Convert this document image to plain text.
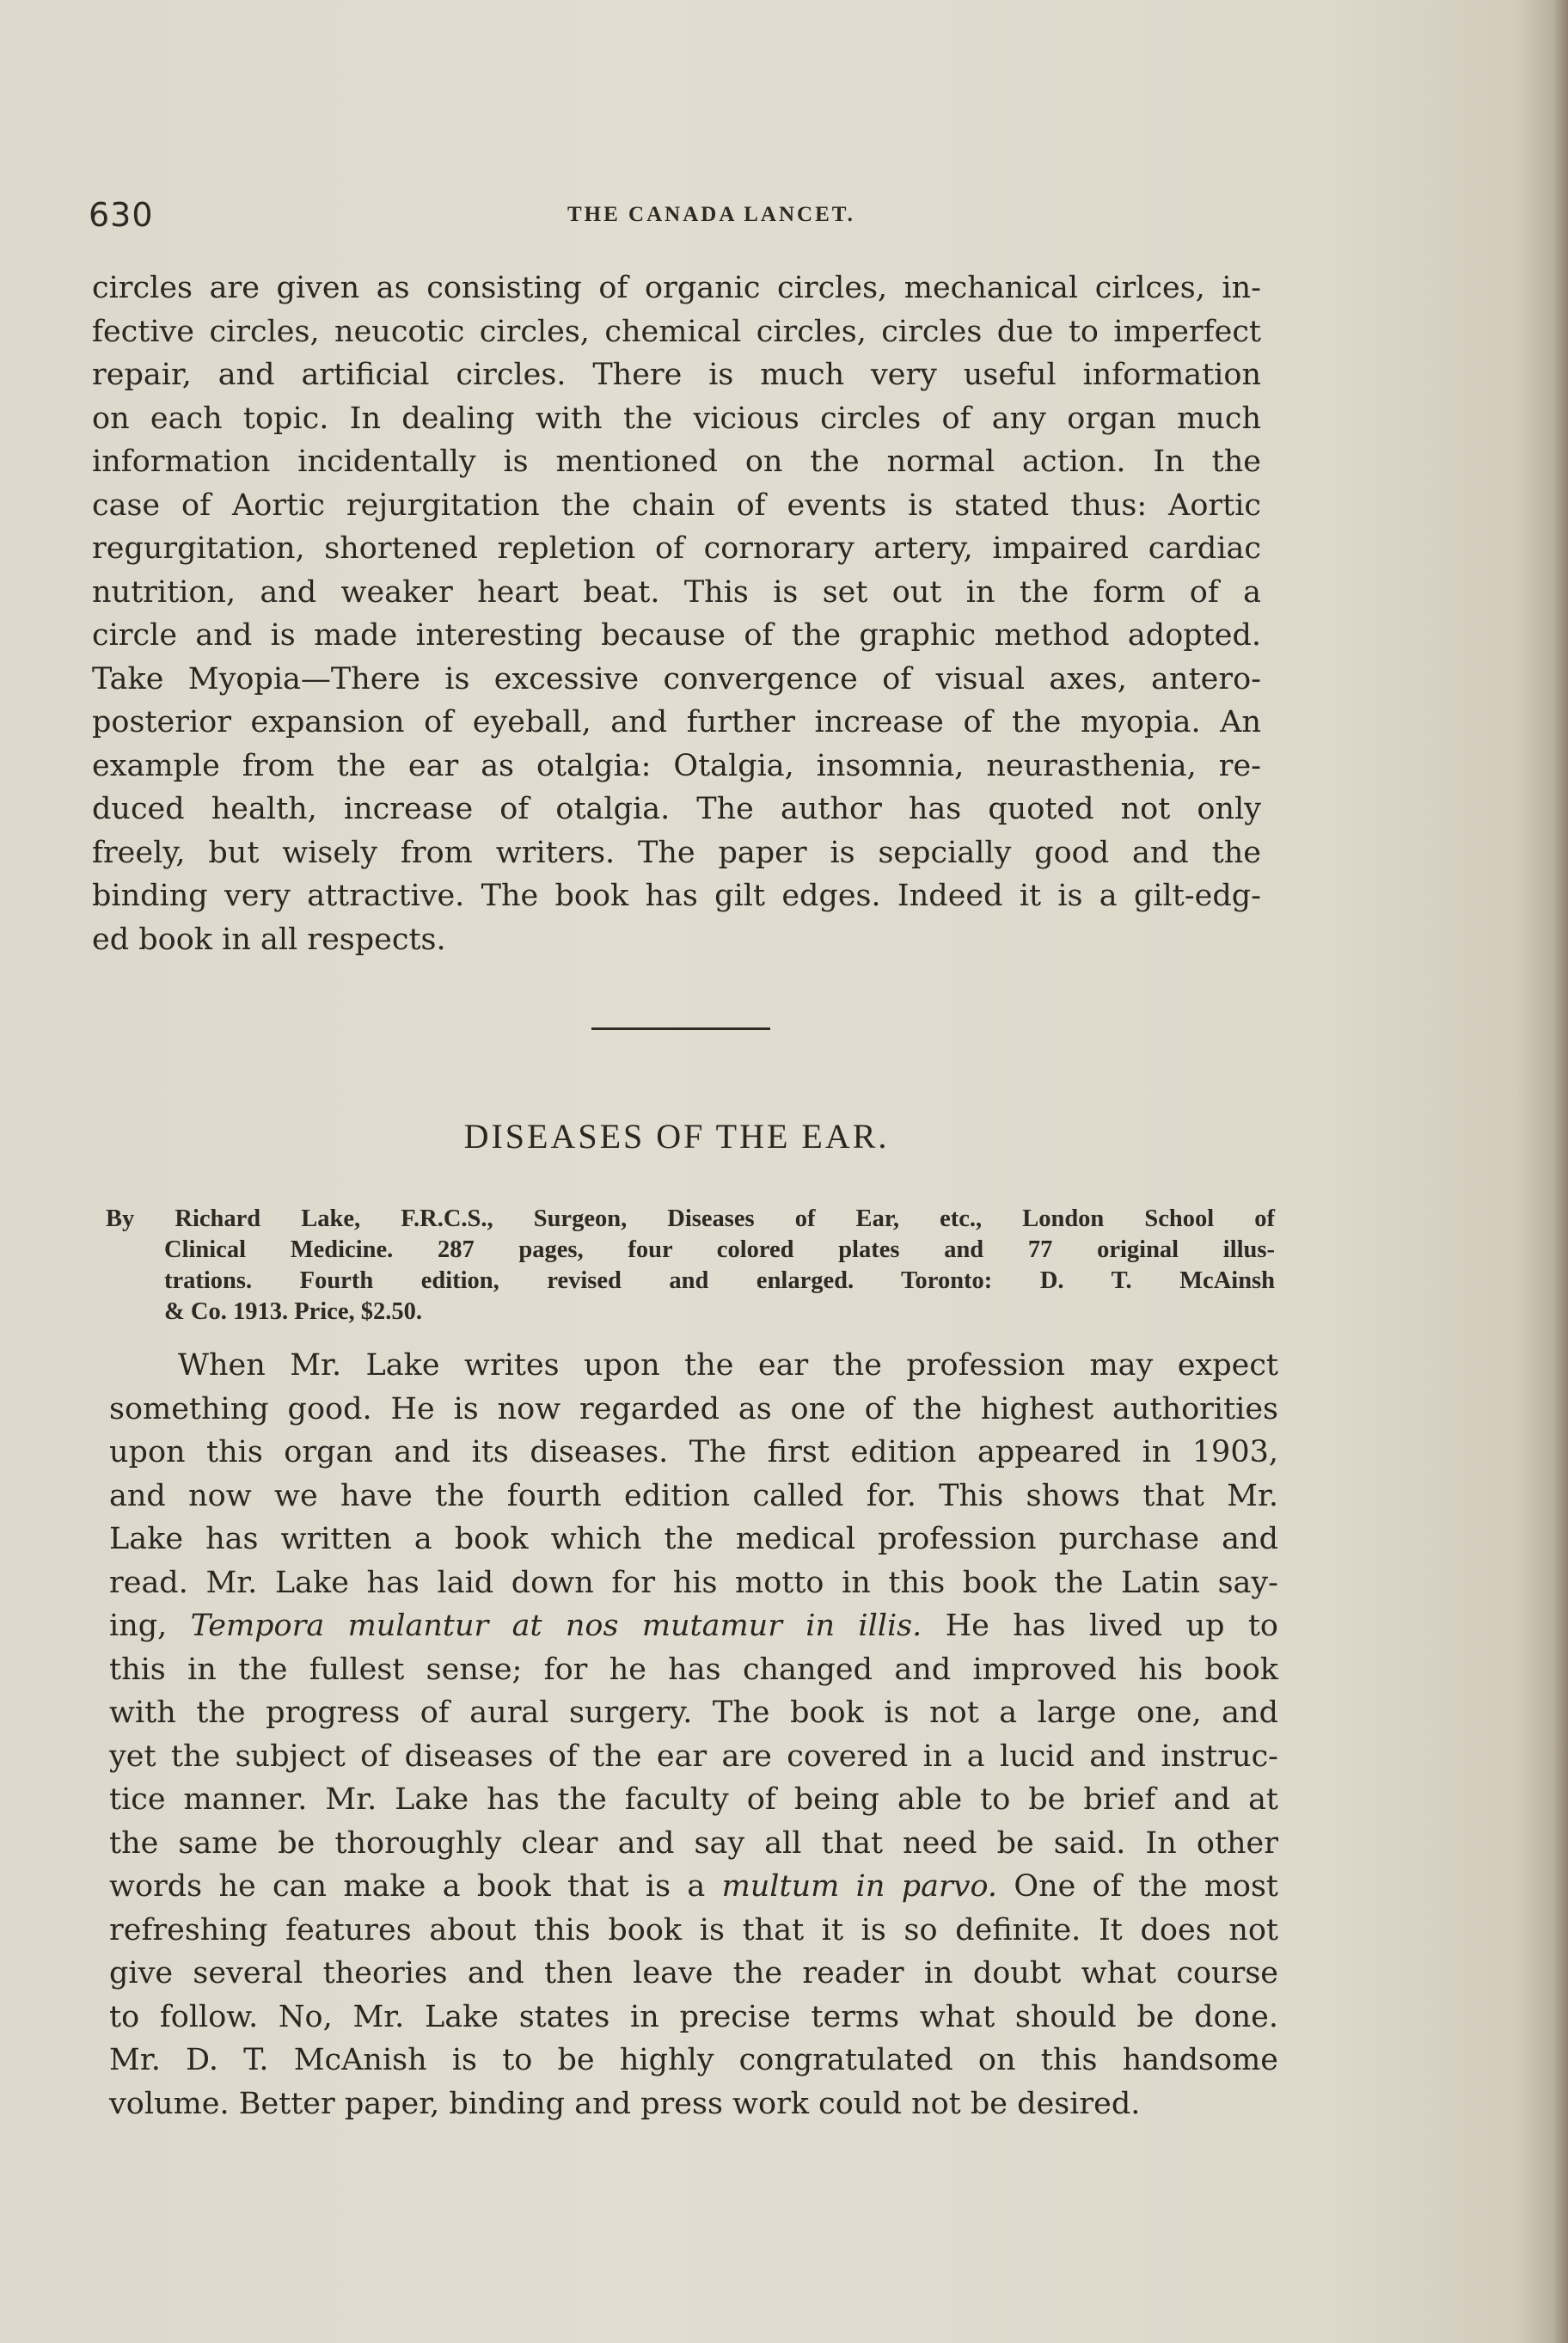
630	THE CANADA LANCET.
circles are given as consisting of organic circles, mechanical cirlces, in-
fective circles, neucotic circles, chemical circles, circles due to imperfect
repair, and artificial circles. There is much very useful information
on each topic. In dealing with the vicious circles of any organ much
information incidentally is mentioned on the normal action. In the
case of Aortic rejurgitation the chain of events is stated thus: Aortic
regurgitation, shortened repletion of cornorary artery, impaired cardiac
nutrition, and weaker heart beat. This is set out in the form of a
circle and is made interesting because of the graphic method adopted.
Take Myopia—There is excessive convergence of visual axes, antero-
posterior expansion of eyeball, and further increase of the myopia. An
example from the ear as otalgia: Otalgia, insomnia, neurasthenia, re-
duced health, increase of otalgia. The author has quoted not only
freely, but wisely from writers. The paper is sepcially good and the
binding very attractive. The book has gilt edges. Indeed it is a gilt-edg-
ed book in all respects.
DISEASES OF THE EAR.
By Richard Lake, F.R.C.S., Surgeon, Diseases of Ear, etc., London School of
Clinical Medicine. 287 pages, four colored plates and 77 original illus-
trations. Fourth edition, revised and enlarged. Toronto: D. T. McAinsh
& Co. 1913. Price, $2.50.
When Mr. Lake writes upon the ear the profession may expect
something good. He is now regarded as one of the highest authorities
upon this organ and its diseases. The first edition appeared in 1903,
and now we have the fourth edition called for. This shows that Mr.
Lake has written a book which the medical profession purchase and
read. Mr. Lake has laid down for his motto in this book the Latin say-
ing, Tempora mulantur at nos mutamur in illis. He has lived up to
this in the fullest sense; for he has changed and improved his book
with the progress of aural surgery. The book is not a large one, and
yet the subject of diseases of the ear are covered in a lucid and instruc-
tice manner. Mr. Lake has the faculty of being able to be brief and at
the same be thoroughly clear and say all that need be said. In other
words he can make a book that is a multum in parvo. One of the most
refreshing features about this book is that it is so definite. It does not
give several theories and then leave the reader in doubt what course
to follow. No, Mr. Lake states in precise terms what should be done.
Mr. D. T. McAnish is to be highly congratulated on this handsome
volume. Better paper, binding and press work could not be desired.
